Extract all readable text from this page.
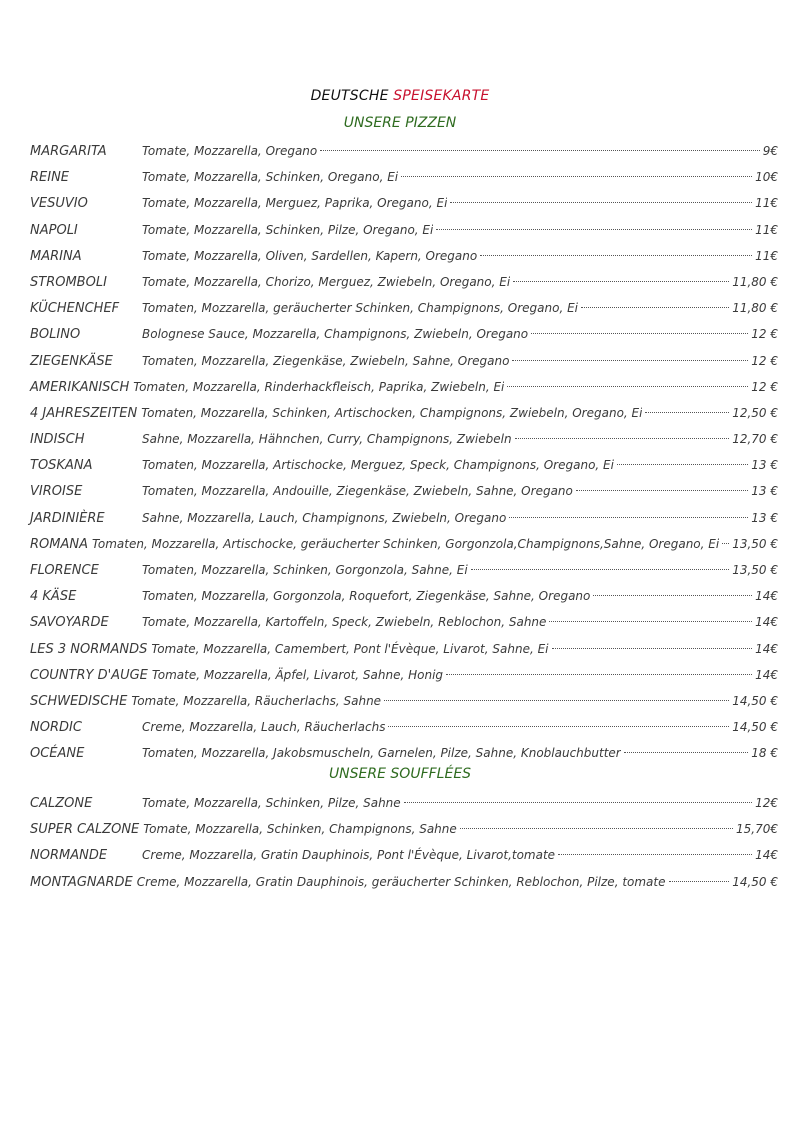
DEUTSCHE SPEISEKARTE
UNSERE PIZZEN
MARGARITA	Tomate, Mozzarella, Oregano	9€
REINE	Tomate, Mozzarella, Schinken, Oregano, Ei	10€
VESUVIO	Tomate, Mozzarella, Merguez, Paprika, Oregano, Ei	11€
NAPOLI	Tomate, Mozzarella, Schinken, Pilze, Oregano, Ei	11€
MARINA	Tomate, Mozzarella, Oliven, Sardellen, Kapern, Oregano	11€
STROMBOLI	Tomate, Mozzarella, Chorizo, Merguez, Zwiebeln, Oregano, Ei	11,80 €
KÜCHENCHEF	Tomaten, Mozzarella, geräucherter Schinken, Champignons, Oregano, Ei	11,80 €
BOLINO	Bolognese Sauce, Mozzarella, Champignons, Zwiebeln, Oregano	12 €
ZIEGENKÄSE	Tomaten, Mozzarella, Ziegenkäse, Zwiebeln, Sahne, Oregano	12 €
AMERIKANISCH Tomaten, Mozzarella, Rinderhackfleisch, Paprika, Zwiebeln, Ei	12 €
4 JAHRESZEITEN Tomaten, Mozzarella, Schinken, Artischocken, Champignons, Zwiebeln, Oregano, Ei	12,50 €
INDISCH	Sahne, Mozzarella, Hähnchen, Curry, Champignons, Zwiebeln	12,70 €
TOSKANA	Tomaten, Mozzarella, Artischocke, Merguez, Speck, Champignons, Oregano, Ei	13 €
VIROISE	Tomaten, Mozzarella, Andouille, Ziegenkäse, Zwiebeln, Sahne, Oregano	13 €
JARDINIÈRE	Sahne, Mozzarella, Lauch, Champignons, Zwiebeln, Oregano	13 €
ROMANA Tomaten, Mozzarella, Artischocke, geräucherter Schinken, Gorgonzola,Champignons,Sahne, Oregano, Ei 13,50 €
FLORENCE	Tomaten, Mozzarella, Schinken, Gorgonzola, Sahne, Ei	13,50 €
4 KÄSE	Tomaten, Mozzarella, Gorgonzola, Roquefort, Ziegenkäse, Sahne, Oregano	14€
SAVOYARDE	Tomate, Mozzarella, Kartoffeln, Speck, Zwiebeln, Reblochon, Sahne	14€
LES 3 NORMANDS Tomate, Mozzarella, Camembert, Pont l'Évèque, Livarot, Sahne, Ei	14€
COUNTRY D'AUGE Tomate, Mozzarella, Äpfel, Livarot, Sahne, Honig	14€
SCHWEDISCHE Tomate, Mozzarella, Räucherlachs, Sahne	14,50 €
NORDIC	Creme, Mozzarella, Lauch, Räucherlachs	14,50 €
OCÉANE	Tomaten, Mozzarella, Jakobsmuscheln, Garnelen, Pilze, Sahne, Knoblauchbutter	18 €
UNSERE SOUFFLÉES
CALZONE	Tomate, Mozzarella, Schinken, Pilze, Sahne	12€
SUPER CALZONE Tomate, Mozzarella, Schinken, Champignons, Sahne	15,70€
NORMANDE	Creme, Mozzarella, Gratin Dauphinois, Pont l'Évèque, Livarot,tomate	14€
MONTAGNARDE Creme, Mozzarella, Gratin Dauphinois, geräucherter Schinken, Reblochon, Pilze, tomate	14,50 €
